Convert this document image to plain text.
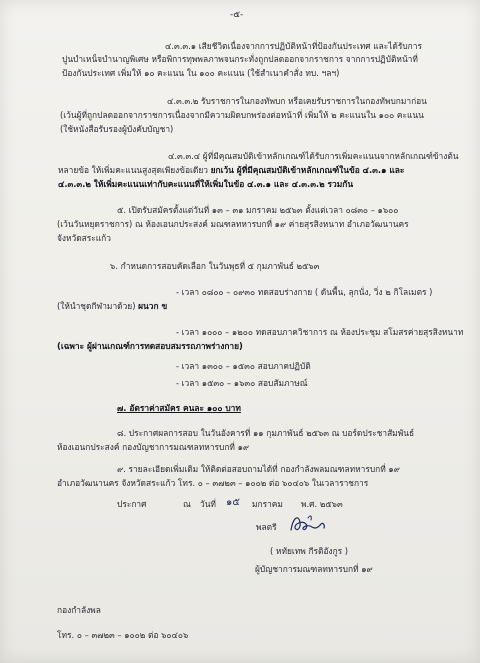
-๕-
๔.๓.๓.๑ เสียชีวิตเนื่องจากการปฏิบัติหน้าที่ป้องกันประเทศ และได้รับการ
ปูนบำเหน็จบำนาญพิเศษ หรือพิการทุพพลภาพจนกระทั่งถูกปลดออกจากราชการ จากการปฏิบัติหน้าที่
ป้องกันประเทศ เพิ่มให้ ๑๐ คะแนน ใน ๑๐๐ คะแนน (ใช้สำเนาคำสั่ง ทบ. ฯลฯ)
๔.๓.๓.๒ รับราชการในกองทัพบก หรือเคยรับราชการในกองทัพบกมาก่อน
(เว้นผู้ที่ถูกปลดออกจากราชการเนื่องจากมีความผิดบกพร่องต่อหน้าที่ เพิ่มให้ ๒ คะแนนใน ๑๐๐ คะแนน
(ใช้หนังสือรับรองผู้บังคับบัญชา)
๔.๓.๓.๔ ผู้ที่มีคุณสมบัติเข้าหลักเกณฑ์ได้รับการเพิ่มคะแนนจากหลักเกณฑ์ข้างต้น
หลายข้อ ให้เพิ่มคะแนนสูงสุดเพียงข้อเดียว ยกเว้น ผู้ที่มีคุณสมบัติเข้าหลักเกณฑ์ในข้อ ๔.๓.๑ และ
๔.๓.๓.๒ ให้เพิ่มคะแนนเท่ากับคะแนนที่ให้เพิ่มในข้อ ๔.๓.๑ และ ๔.๓.๓.๒ รวมกัน
๕. เปิดรับสมัครตั้งแต่วันที่ ๑๓ – ๓๑ มกราคม ๒๕๖๓ ตั้งแต่เวลา ๐๘๓๐ – ๑๖๐๐
(เว้นวันหยุดราชการ) ณ ห้องเอนกประสงค์ มณฑลทหารบกที่ ๑๙ ค่ายสุรสิงหนาท อำเภอวัฒนานคร
จังหวัดสระแก้ว
๖. กำหนดการสอบคัดเลือก ในวันพุธที่ ๕ กุมภาพันธ์ ๒๕๖๓
- เวลา ๐๘๐๐ – ๐๙๓๐ ทดสอบร่างกาย ( ดันพื้น, ลุกนั่ง, วิ่ง ๒ กิโลเมตร )
(ให้นำชุดกีฬามาด้วย) ผนวก ข
- เวลา ๑๐๐๐ – ๑๒๐๐ ทดสอบภาควิชาการ ณ ห้องประชุม สโมสรค่ายสุรสิงหนาท
(เฉพาะ ผู้ผ่านเกณฑ์การทดสอบสมรรถภาพร่างกาย)
- เวลา ๑๓๐๐ – ๑๕๓๐ สอบภาคปฏิบัติ
- เวลา ๑๕๓๐ – ๑๖๓๐ สอบสัมภาษณ์
๗. อัตราค่าสมัคร คนละ ๑๐๐ บาท
๘. ประกาศผลการสอบ ในวันอังคารที่ ๑๑ กุมภาพันธ์ ๒๕๖๓ ณ บอร์ดประชาสัมพันธ์
ห้องเอนกประสงค์ กองบัญชาการมณฑลทหารบกที่ ๑๙
๙. รายละเอียดเพิ่มเติม ให้ติดต่อสอบถามได้ที่ กองกำลังพลมณฑลทหารบกที่ ๑๙
อำเภอวัฒนานคร จังหวัดสระแก้ว โทร. ๐ – ๓๗๒๓ – ๑๐๐๒ ต่อ ๖๐๔๐๖ ในเวลาราชการ
ประกาศ	ณ วันที่ ๑๕ มกราคม พ.ศ. ๒๕๖๓
พลตรี
( หทัยเทพ กีรติอังกูร )
ผู้บัญชาการมณฑลทหารบกที่ ๑๙
กองกำลังพล
โทร. ๐ – ๓๗๒๓ – ๑๐๐๒ ต่อ ๖๐๔๐๖
